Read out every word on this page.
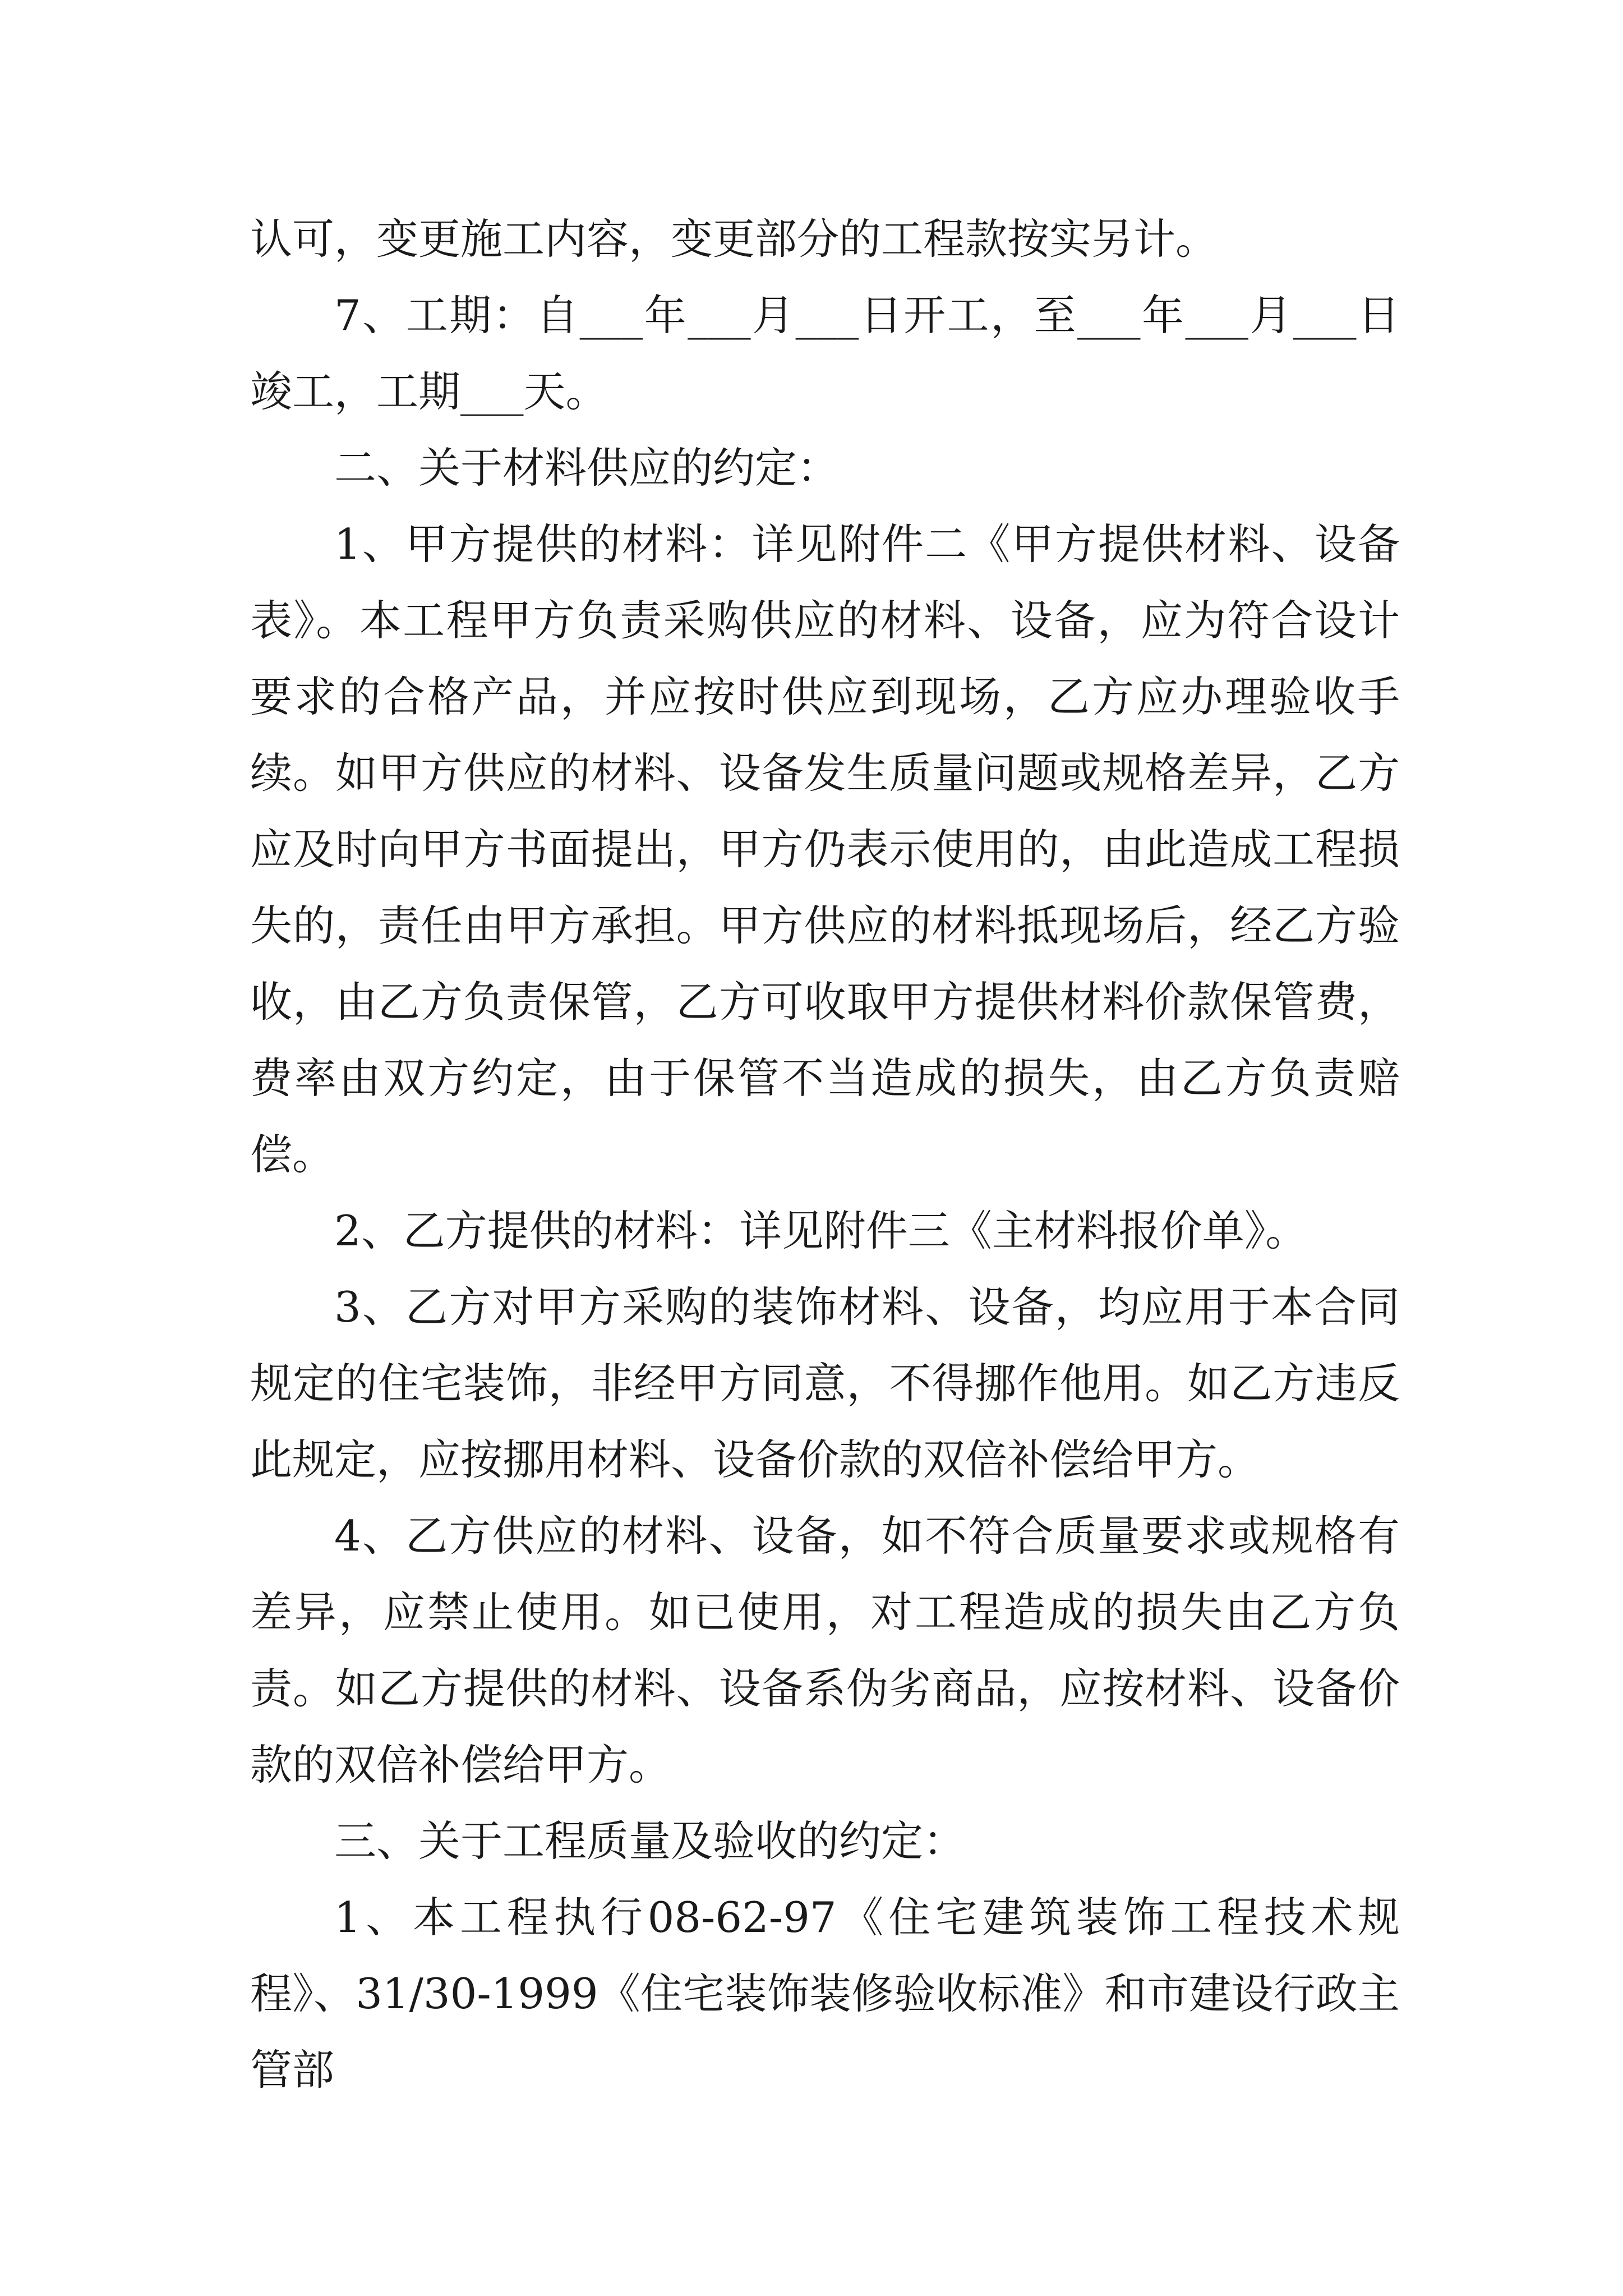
认可，变更施工内容，变更部分的工程款按实另计。

7、工期：自___年___月___日开工，至___年___月___日竣工，工期___天。

二、关于材料供应的约定：

1、甲方提供的材料：详见附件二《甲方提供材料、设备表》。本工程甲方负责采购供应的材料、设备，应为符合设计要求的合格产品，并应按时供应到现场，乙方应办理验收手续。如甲方供应的材料、设备发生质量问题或规格差异，乙方应及时向甲方书面提出，甲方仍表示使用的，由此造成工程损失的，责任由甲方承担。甲方供应的材料抵现场后，经乙方验收，由乙方负责保管，乙方可收取甲方提供材料价款保管费，费率由双方约定，由于保管不当造成的损失，由乙方负责赔偿。

2、乙方提供的材料：详见附件三《主材料报价单》。

3、乙方对甲方采购的装饰材料、设备，均应用于本合同规定的住宅装饰，非经甲方同意，不得挪作他用。如乙方违反此规定，应按挪用材料、设备价款的双倍补偿给甲方。

4、乙方供应的材料、设备，如不符合质量要求或规格有差异，应禁止使用。如已使用，对工程造成的损失由乙方负责。如乙方提供的材料、设备系伪劣商品，应按材料、设备价款的双倍补偿给甲方。

三、关于工程质量及验收的约定：

1、本工程执行08-62-97《住宅建筑装饰工程技术规程》、31/30-1999《住宅装饰装修验收标准》和市建设行政主管部
